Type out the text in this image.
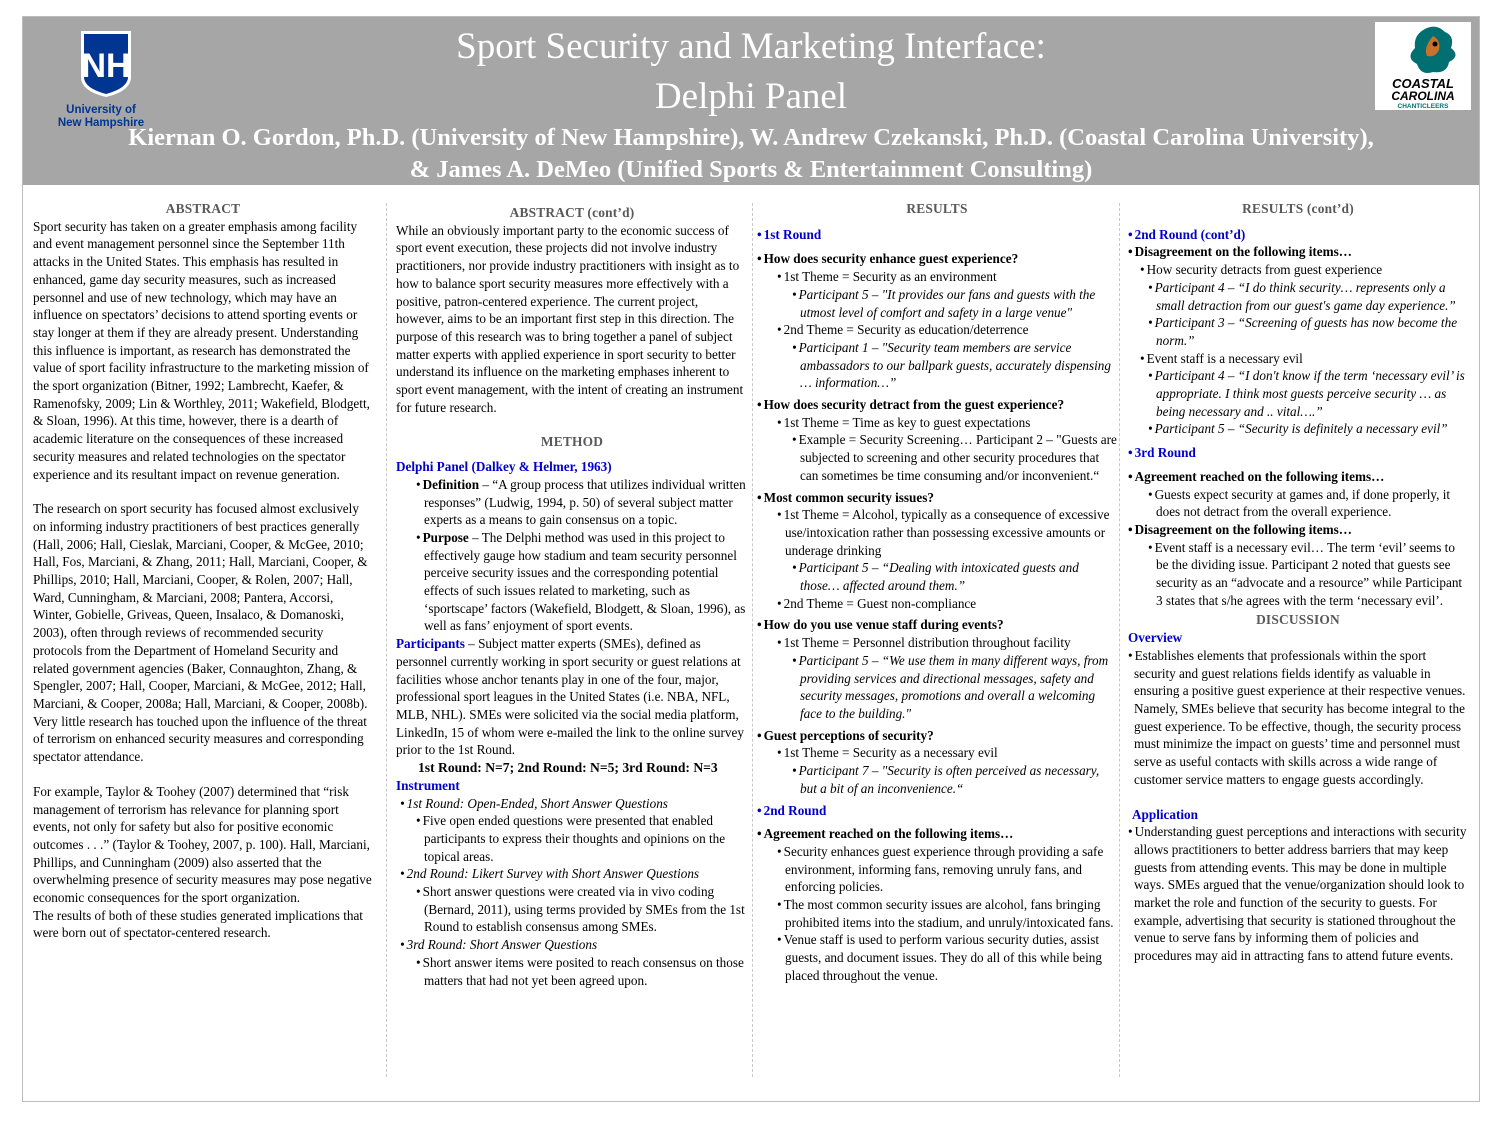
NH
University of
New Hampshire
Sport Security and Marketing Interface:
Delphi Panel
Kiernan O. Gordon, Ph.D. (University of New Hampshire), W. Andrew Czekanski, Ph.D. (Coastal Carolina University),
& James A. DeMeo (Unified Sports & Entertainment Consulting)
COASTAL
CAROLINA
CHANTICLEERS
ABSTRACT

Sport security has taken on a greater emphasis among facility and event management personnel since the September 11th attacks in the United States. This emphasis has resulted in enhanced, game day security measures, such as increased personnel and use of new technology, which may have an influence on spectators’ decisions to attend sporting events or stay longer at them if they are already present. Understanding this influence is important, as research has demonstrated the value of sport facility infrastructure to the marketing mission of the sport organization (Bitner, 1992; Lambrecht, Kaefer, & Ramenofsky, 2009; Lin & Worthley, 2011; Wakefield, Blodgett, & Sloan, 1996). At this time, however, there is a dearth of academic literature on the consequences of these increased security measures and related technologies on the spectator experience and its resultant impact on revenue generation.

The research on sport security has focused almost exclusively on informing industry practitioners of best practices generally (Hall, 2006; Hall, Cieslak, Marciani, Cooper, & McGee, 2010; Hall, Fos, Marciani, & Zhang, 2011; Hall, Marciani, Cooper, & Phillips, 2010; Hall, Marciani, Cooper, & Rolen, 2007; Hall, Ward, Cunningham, & Marciani, 2008; Pantera, Accorsi, Winter, Gobielle, Griveas, Queen, Insalaco, & Domanoski, 2003), often through reviews of recommended security protocols from the Department of Homeland Security and related government agencies (Baker, Connaughton, Zhang, & Spengler, 2007; Hall, Cooper, Marciani, & McGee, 2012; Hall, Marciani, & Cooper, 2008a; Hall, Marciani, & Cooper, 2008b). Very little research has touched upon the influence of the threat of terrorism on enhanced security measures and corresponding spectator attendance.

For example, Taylor & Toohey (2007) determined that “risk management of terrorism has relevance for planning sport events, not only for safety but also for positive economic outcomes . . .” (Taylor & Toohey, 2007, p. 100). Hall, Marciani, Phillips, and Cunningham (2009) also asserted that the overwhelming presence of security measures may pose negative economic consequences for the sport organization.

The results of both of these studies generated implications that were born out of spectator-centered research.

ABSTRACT (cont’d)

While an obviously important party to the economic success of sport event execution, these projects did not involve industry practitioners, nor provide industry practitioners with insight as to how to balance sport security measures more effectively with a positive, patron-centered experience. The current project, however, aims to be an important first step in this direction. The purpose of this research was to bring together a panel of subject matter experts with applied experience in sport security to better understand its influence on the marketing emphases inherent to sport event management, with the intent of creating an instrument for future research.

METHOD

Delphi Panel (Dalkey & Helmer, 1963)

• Definition – “A group process that utilizes individual written responses” (Ludwig, 1994, p. 50) of several subject matter experts as a means to gain consensus on a topic.

• Purpose – The Delphi method was used in this project to effectively gauge how stadium and team security personnel perceive security issues and the corresponding potential effects of such issues related to marketing, such as ‘sportscape’ factors (Wakefield, Blodgett, & Sloan, 1996), as well as fans’ enjoyment of sport events.

Participants – Subject matter experts (SMEs), defined as personnel currently working in sport security or guest relations at facilities whose anchor tenants play in one of the four, major, professional sport leagues in the United States (i.e. NBA, NFL, MLB, NHL). SMEs were solicited via the social media platform, LinkedIn, 15 of whom were e-mailed the link to the online survey prior to the 1st Round.

1st Round: N=7; 2nd Round: N=5; 3rd Round: N=3

Instrument

• 1st Round: Open-Ended, Short Answer Questions

• Five open ended questions were presented that enabled participants to express their thoughts and opinions on the topical areas.

• 2nd Round: Likert Survey with Short Answer Questions

• Short answer questions were created via in vivo coding (Bernard, 2011), using terms provided by SMEs from the 1st Round to establish consensus among SMEs.

• 3rd Round: Short Answer Questions

• Short answer items were posited to reach consensus on those matters that had not yet been agreed upon.

RESULTS

• 1st Round

• How does security enhance guest experience?

• 1st Theme = Security as an environment

• Participant 5 – "It provides our fans and guests with the utmost level of comfort and safety in a large venue"

• 2nd Theme = Security as education/deterrence

• Participant 1 – "Security team members are service ambassadors to our ballpark guests, accurately dispensing … information…”

• How does security detract from the guest experience?

• 1st Theme = Time as key to guest expectations

• Example = Security Screening… Participant 2 – "Guests are subjected to screening and other security procedures that can sometimes be time consuming and/or inconvenient.“

• Most common security issues?

• 1st Theme = Alcohol, typically as a consequence of excessive use/intoxication rather than possessing excessive amounts or underage drinking

• Participant 5 – “Dealing with intoxicated guests and those… affected around them.”

• 2nd Theme = Guest non-compliance

• How do you use venue staff during events?

• 1st Theme = Personnel distribution throughout facility

• Participant 5 – “We use them in many different ways, from providing services and directional messages, safety and security messages, promotions and overall a welcoming face to the building."

• Guest perceptions of security?

• 1st Theme = Security as a necessary evil

• Participant 7 – "Security is often perceived as necessary, but a bit of an inconvenience.“

• 2nd Round

• Agreement reached on the following items…

• Security enhances guest experience through providing a safe environment, informing fans, removing unruly fans, and enforcing policies.

• The most common security issues are alcohol, fans bringing prohibited items into the stadium, and unruly/intoxicated fans.

• Venue staff is used to perform various security duties, assist guests, and document issues. They do all of this while being placed throughout the venue.

RESULTS (cont’d)

• 2nd Round (cont’d)

• Disagreement on the following items…

• How security detracts from guest experience

• Participant 4 – “I do think security… represents only a small detraction from our guest's game day experience.”

• Participant 3 – “Screening of guests has now become the norm.”

• Event staff is a necessary evil

• Participant 4 – “I don't know if the term ‘necessary evil’ is appropriate. I think most guests perceive security … as being necessary and .. vital….”

• Participant 5 – “Security is definitely a necessary evil”

• 3rd Round

• Agreement reached on the following items…

• Guests expect security at games and, if done properly, it does not detract from the overall experience.

• Disagreement on the following items…

• Event staff is a necessary evil… The term ‘evil’ seems to be the dividing issue. Participant 2 noted that guests see security as an “advocate and a resource” while Participant 3 states that s/he agrees with the term ‘necessary evil’.

DISCUSSION

Overview

• Establishes elements that professionals within the sport security and guest relations fields identify as valuable in ensuring a positive guest experience at their respective venues. Namely, SMEs believe that security has become integral to the guest experience. To be effective, though, the security process must minimize the impact on guests’ time and personnel must serve as useful contacts with skills across a wide range of customer service matters to engage guests accordingly.

Application

• Understanding guest perceptions and interactions with security allows practitioners to better address barriers that may keep guests from attending events. This may be done in multiple ways. SMEs argued that the venue/organization should look to market the role and function of the security to guests. For example, advertising that security is stationed throughout the venue to serve fans by informing them of policies and procedures may aid in attracting fans to attend future events.
